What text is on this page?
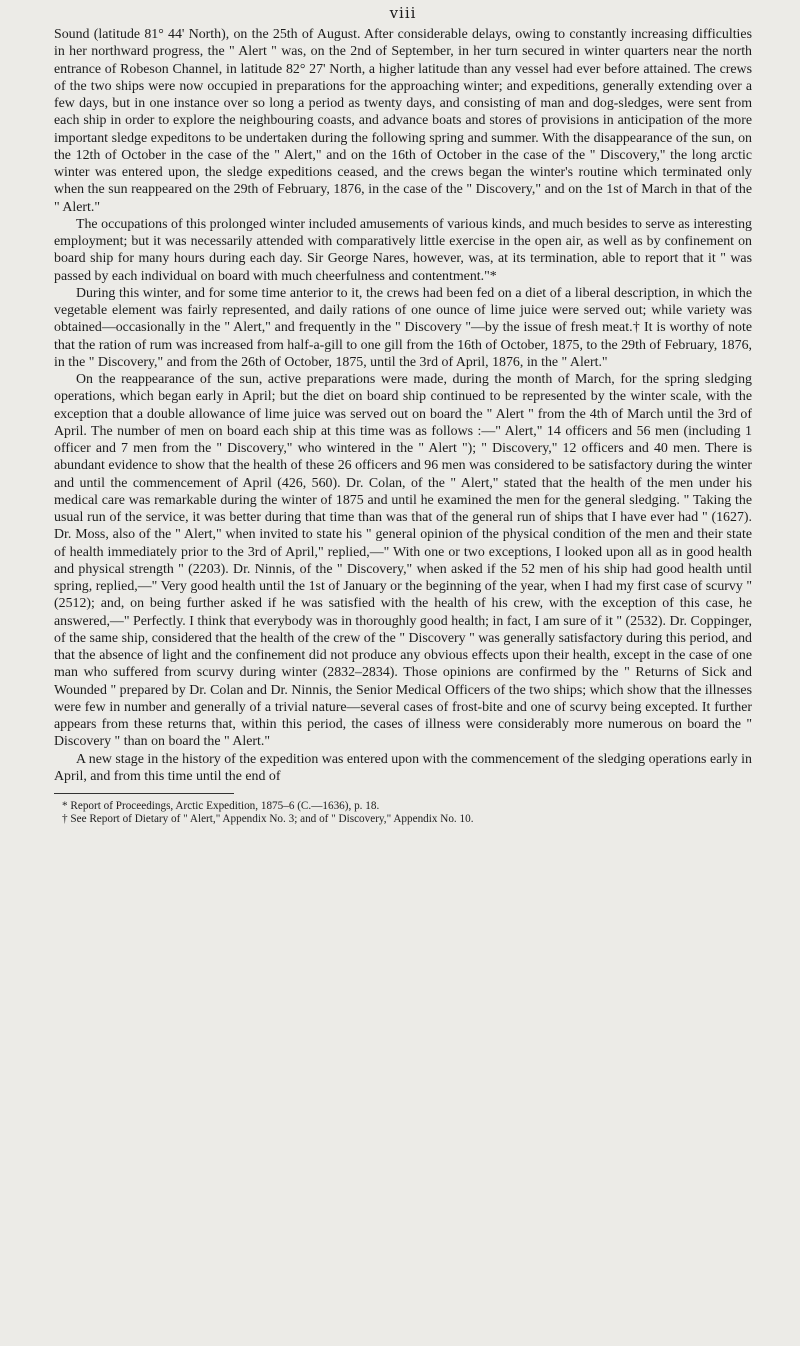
viii

Sound (latitude 81° 44' North), on the 25th of August. After considerable delays, owing to constantly increasing difficulties in her northward progress, the " Alert " was, on the 2nd of September, in her turn secured in winter quarters near the north entrance of Robeson Channel, in latitude 82° 27' North, a higher latitude than any vessel had ever before attained. The crews of the two ships were now occupied in preparations for the approaching winter; and expeditions, generally extending over a few days, but in one instance over so long a period as twenty days, and consisting of man and dog-sledges, were sent from each ship in order to explore the neighbouring coasts, and advance boats and stores of provisions in anticipation of the more important sledge expeditons to be undertaken during the following spring and summer. With the disappearance of the sun, on the 12th of October in the case of the " Alert," and on the 16th of October in the case of the " Discovery," the long arctic winter was entered upon, the sledge expeditions ceased, and the crews began the winter's routine which terminated only when the sun reappeared on the 29th of February, 1876, in the case of the " Discovery," and on the 1st of March in that of the " Alert."

The occupations of this prolonged winter included amusements of various kinds, and much besides to serve as interesting employment; but it was necessarily attended with comparatively little exercise in the open air, as well as by confinement on board ship for many hours during each day. Sir George Nares, however, was, at its termination, able to report that it " was passed by each individual on board with much cheerfulness and contentment."*

During this winter, and for some time anterior to it, the crews had been fed on a diet of a liberal description, in which the vegetable element was fairly represented, and daily rations of one ounce of lime juice were served out; while variety was obtained—occasionally in the " Alert," and frequently in the " Discovery "—by the issue of fresh meat.† It is worthy of note that the ration of rum was increased from half-a-gill to one gill from the 16th of October, 1875, to the 29th of February, 1876, in the " Discovery," and from the 26th of October, 1875, until the 3rd of April, 1876, in the " Alert."

On the reappearance of the sun, active preparations were made, during the month of March, for the spring sledging operations, which began early in April; but the diet on board ship continued to be represented by the winter scale, with the exception that a double allowance of lime juice was served out on board the " Alert " from the 4th of March until the 3rd of April. The number of men on board each ship at this time was as follows :—" Alert," 14 officers and 56 men (including 1 officer and 7 men from the " Discovery," who wintered in the " Alert "); " Discovery," 12 officers and 40 men. There is abundant evidence to show that the health of these 26 officers and 96 men was considered to be satisfactory during the winter and until the commencement of April (426, 560). Dr. Colan, of the " Alert," stated that the health of the men under his medical care was remarkable during the winter of 1875 and until he examined the men for the general sledging. " Taking the usual run of the service, it was better during that time than was that of the general run of ships that I have ever had " (1627). Dr. Moss, also of the " Alert," when invited to state his " general opinion of the physical condition of the men and their state of health immediately prior to the 3rd of April," replied,—" With one or two exceptions, I looked upon all as in good health and physical strength " (2203). Dr. Ninnis, of the " Discovery," when asked if the 52 men of his ship had good health until spring, replied,—" Very good health until the 1st of January or the beginning of the year, when I had my first case of scurvy " (2512); and, on being further asked if he was satisfied with the health of his crew, with the exception of this case, he answered,—" Perfectly. I think that everybody was in thoroughly good health; in fact, I am sure of it " (2532). Dr. Coppinger, of the same ship, considered that the health of the crew of the " Discovery " was generally satisfactory during this period, and that the absence of light and the confinement did not produce any obvious effects upon their health, except in the case of one man who suffered from scurvy during winter (2832–2834). Those opinions are confirmed by the " Returns of Sick and Wounded " prepared by Dr. Colan and Dr. Ninnis, the Senior Medical Officers of the two ships; which show that the illnesses were few in number and generally of a trivial nature—several cases of frost-bite and one of scurvy being excepted. It further appears from these returns that, within this period, the cases of illness were considerably more numerous on board the " Discovery " than on board the " Alert."

A new stage in the history of the expedition was entered upon with the commencement of the sledging operations early in April, and from this time until the end of

* Report of Proceedings, Arctic Expedition, 1875–6 (C.—1636), p. 18.
† See Report of Dietary of " Alert," Appendix No. 3; and of " Discovery," Appendix No. 10.
